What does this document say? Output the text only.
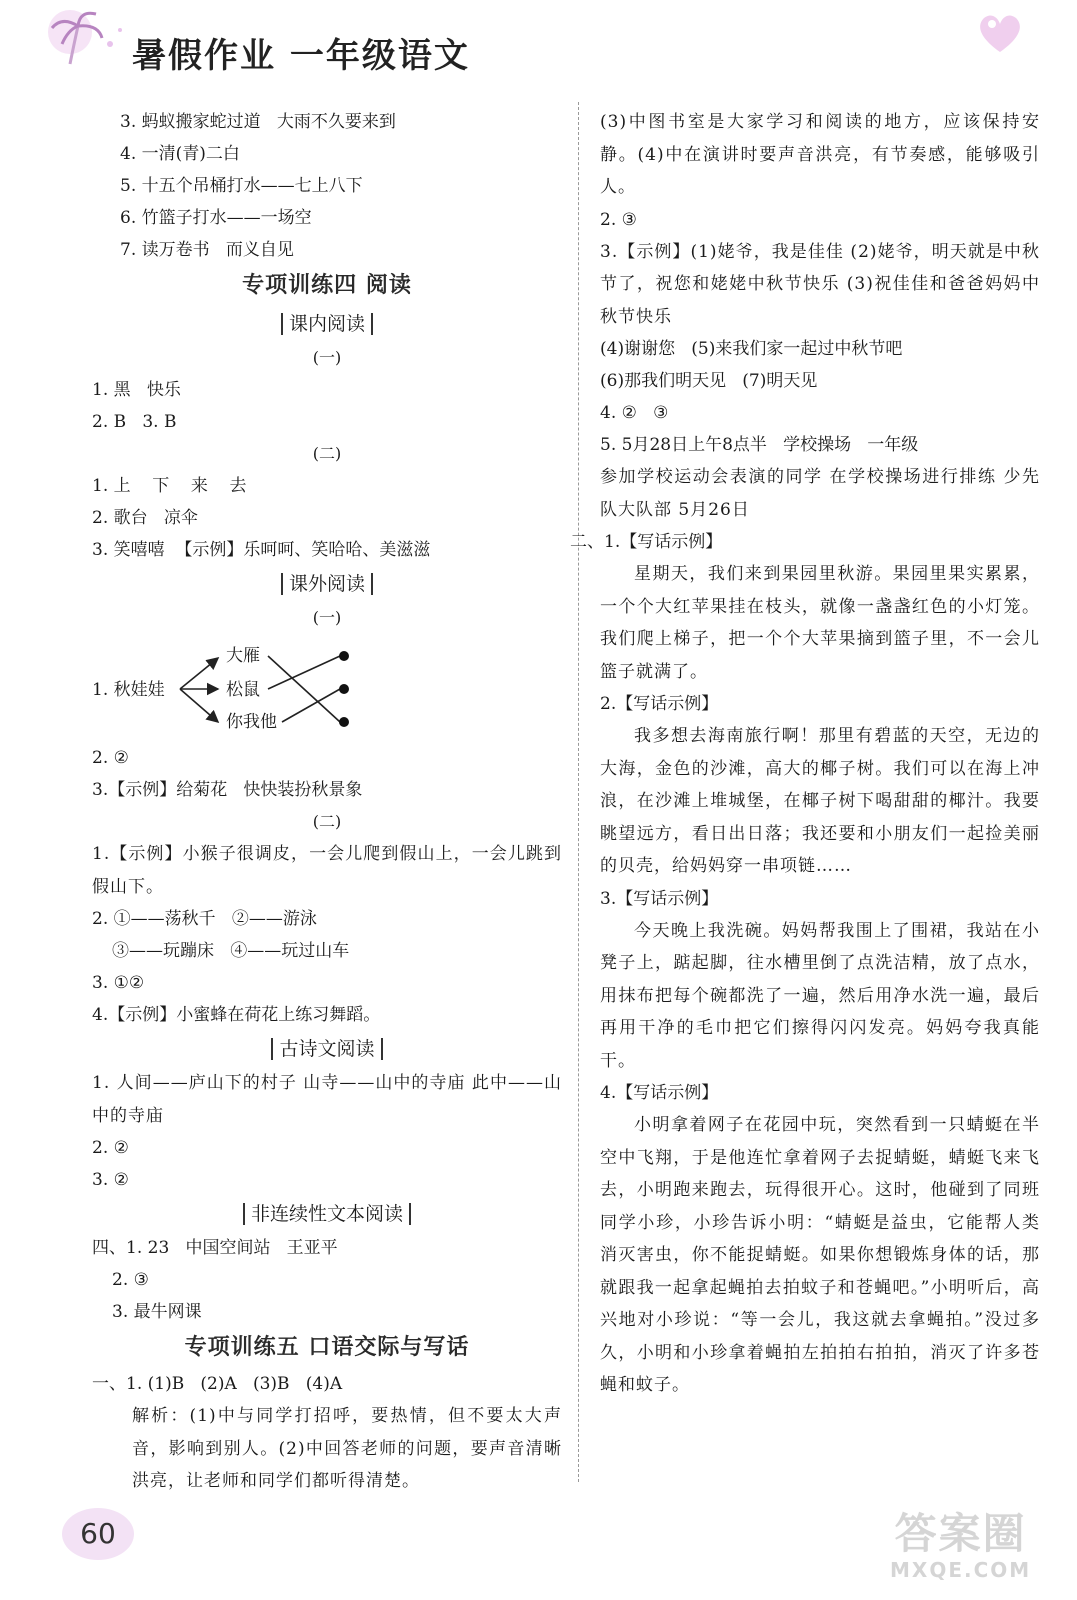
暑假作业 一年级语文
3. 蚂蚁搬家蛇过道   大雨不久要来到
4. 一清(青)二白
5. 十五个吊桶打水——七上八下
6. 竹篮子打水——一场空
7. 读万卷书   而义自见
专项训练四 阅读
课内阅读
(一)
1. 黑   快乐
2. B   3. B
(二)
1. 上    下    来    去
2. 歌台   凉伞
3. 笑嘻嘻  【示例】乐呵呵、笑哈哈、美滋滋
课外阅读
(一)
1. 秋娃娃
大雁
松鼠
你我他
2. ②
3.【示例】给菊花   快快装扮秋景象
(二)
1.【示例】小猴子很调皮，一会儿爬到假山上，一会儿跳到假山下。
2. ①——荡秋千   ②——游泳
③——玩蹦床   ④——玩过山车
3. ①②
4.【示例】小蜜蜂在荷花上练习舞蹈。
古诗文阅读
1. 人间——庐山下的村子 山寺——山中的寺庙 此中——山中的寺庙
2. ②
3. ②
非连续性文本阅读
四、1. 23   中国空间站   王亚平
2. ③
3. 最牛网课
专项训练五 口语交际与写话
一、1. (1)B   (2)A   (3)B   (4)A
解析：(1)中与同学打招呼，要热情，但不要太大声音，影响到别人。(2)中回答老师的问题，要声音清晰洪亮，让老师和同学们都听得清楚。
(3)中图书室是大家学习和阅读的地方，应该保持安静。(4)中在演讲时要声音洪亮，有节奏感，能够吸引人。
2. ③
3.【示例】(1)姥爷，我是佳佳 (2)姥爷，明天就是中秋节了，祝您和姥姥中秋节快乐 (3)祝佳佳和爸爸妈妈中秋节快乐
(4)谢谢您   (5)来我们家一起过中秋节吧
(6)那我们明天见   (7)明天见
4. ②   ③
5. 5月28日上午8点半   学校操场   一年级
参加学校运动会表演的同学 在学校操场进行排练 少先队大队部 5月26日
二、1.【写话示例】
星期天，我们来到果园里秋游。果园里果实累累，一个个大红苹果挂在枝头，就像一盏盏红色的小灯笼。我们爬上梯子，把一个个大苹果摘到篮子里，不一会儿篮子就满了。
2.【写话示例】
我多想去海南旅行啊！那里有碧蓝的天空，无边的大海，金色的沙滩，高大的椰子树。我们可以在海上冲浪，在沙滩上堆城堡，在椰子树下喝甜甜的椰汁。我要眺望远方，看日出日落；我还要和小朋友们一起捡美丽的贝壳，给妈妈穿一串项链……
3.【写话示例】
今天晚上我洗碗。妈妈帮我围上了围裙，我站在小凳子上，踮起脚，往水槽里倒了点洗洁精，放了点水，用抹布把每个碗都洗了一遍，然后用净水洗一遍，最后再用干净的毛巾把它们擦得闪闪发亮。妈妈夸我真能干。
4.【写话示例】
小明拿着网子在花园中玩，突然看到一只蜻蜓在半空中飞翔，于是他连忙拿着网子去捉蜻蜓，蜻蜓飞来飞去，小明跑来跑去，玩得很开心。这时，他碰到了同班同学小珍，小珍告诉小明：“蜻蜓是益虫，它能帮人类消灭害虫，你不能捉蜻蜓。如果你想锻炼身体的话，那就跟我一起拿起蝇拍去拍蚊子和苍蝇吧。”小明听后，高兴地对小珍说：“等一会儿，我这就去拿蝇拍。”没过多久，小明和小珍拿着蝇拍左拍拍右拍拍，消灭了许多苍蝇和蚊子。
60	答案圈
MXQE.COM
